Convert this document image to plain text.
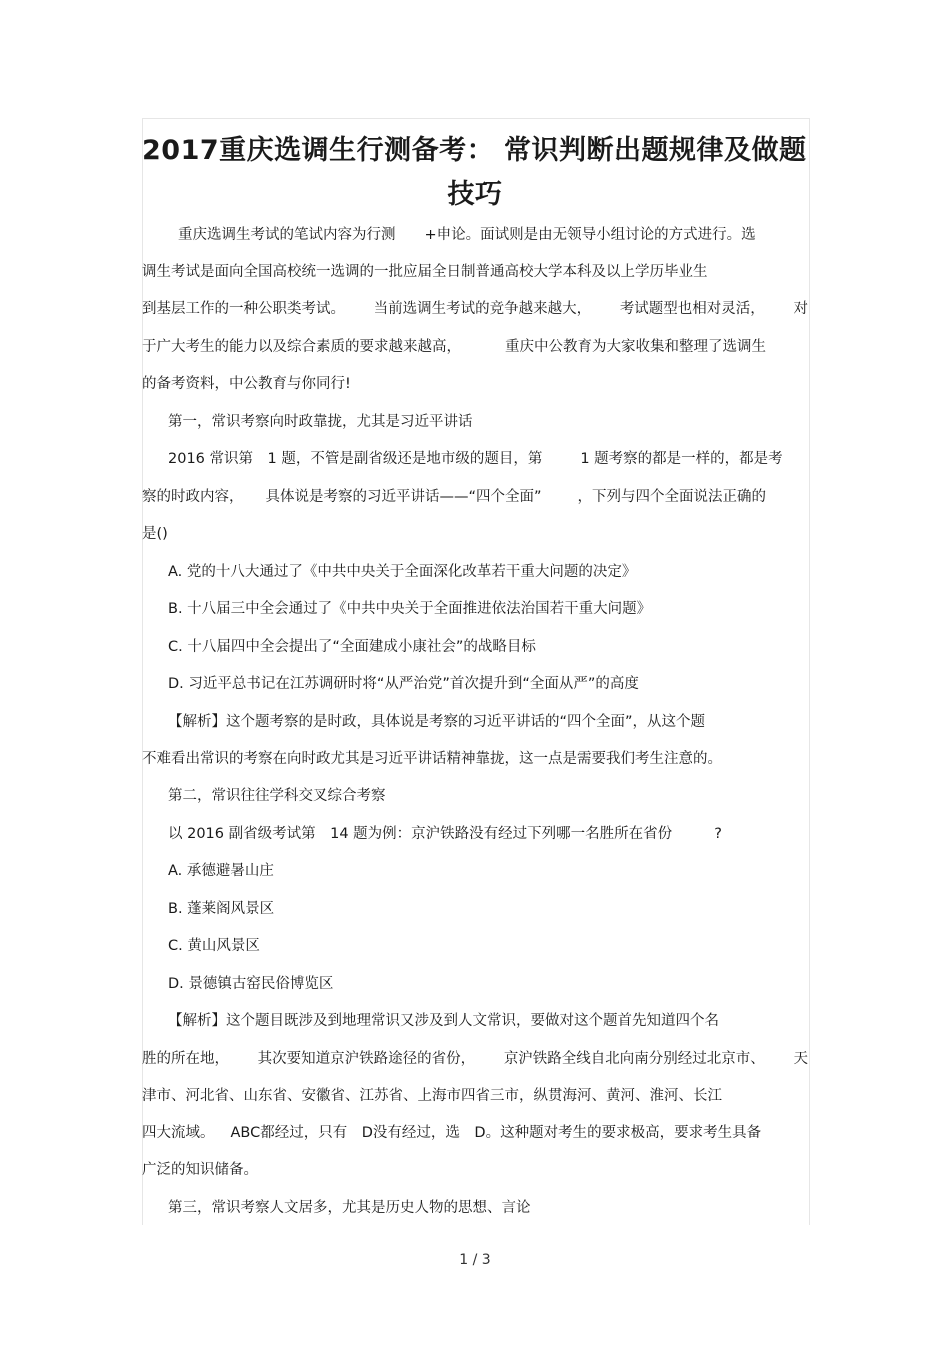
2017重庆选调生行测备考： 常识判断出题规律及做题
技巧

重庆选调生考试的笔试内容为行测　　+申论。面试则是由无领导小组讨论的方式进行。选

调生考试是面向全国高校统一选调的一批应届全日制普通高校大学本科及以上学历毕业生

到基层工作的一种公职类考试。 当前选调生考试的竞争越来越大， 考试题型也相对灵活， 对

于广大考生的能力以及综合素质的要求越来越高，	重庆中公教育为大家收集和整理了选调生

的备考资料，中公教育与你同行!

第一，常识考察向时政靠拢，尤其是习近平讲话

2016 常识第　1 题，不管是副省级还是地市级的题目，第	1 题考察的都是一样的，都是考

察的时政内容， 具体说是考察的习近平讲话——“四个全面” ，下列与四个全面说法正确的

是()

A. 党的十八大通过了《中共中央关于全面深化改革若干重大问题的决定》

B. 十八届三中全会通过了《中共中央关于全面推进依法治国若干重大问题》

C. 十八届四中全会提出了“全面建成小康社会”的战略目标

D. 习近平总书记在江苏调研时将“从严治党”首次提升到“全面从严”的高度

【解析】这个题考察的是时政，具体说是考察的习近平讲话的“四个全面”，从这个题

不难看出常识的考察在向时政尤其是习近平讲话精神靠拢，这一点是需要我们考生注意的。

第二，常识往往学科交叉综合考察

以 2016 副省级考试第　14 题为例：京沪铁路没有经过下列哪一名胜所在省份	?

A. 承德避暑山庄

B. 蓬莱阁风景区

C. 黄山风景区

D. 景德镇古窑民俗博览区

【解析】这个题目既涉及到地理常识又涉及到人文常识，要做对这个题首先知道四个名

胜的所在地， 其次要知道京沪铁路途径的省份， 京沪铁路全线自北向南分别经过北京市、 天

津市、河北省、山东省、安徽省、江苏省、上海市四省三市，纵贯海河、黄河、淮河、长江

四大流域。 ABC都经过，只有　D没有经过，选　D。这种题对考生的要求极高，要求考生具备

广泛的知识储备。

第三，常识考察人文居多，尤其是历史人物的思想、言论

1 / 3
